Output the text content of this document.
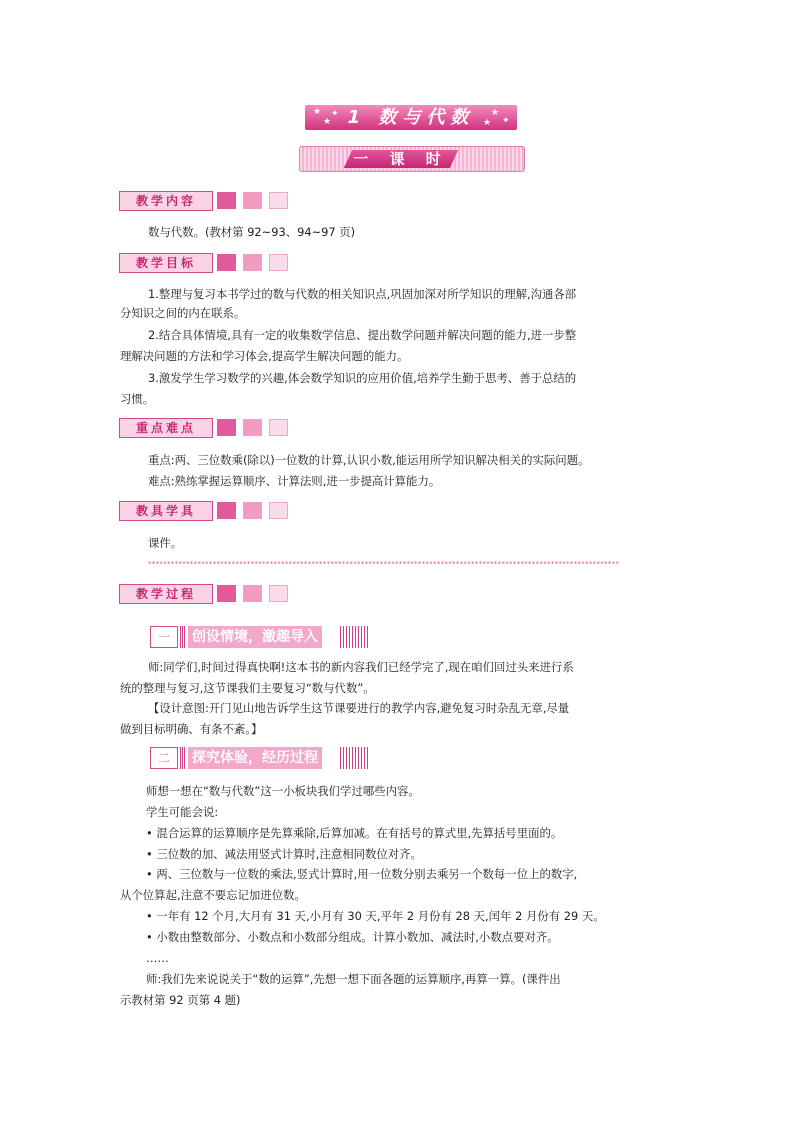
★
★
✦	★
✦
★
1 数与代数
一 课 时
教学内容
数与代数。(教材第 92~93、94~97 页)
教学目标
1.整理与复习本书学过的数与代数的相关知识点,巩固加深对所学知识的理解,沟通各部
分知识之间的内在联系。
2.结合具体情境,具有一定的收集数学信息、提出数学问题并解决问题的能力,进一步整
理解决问题的方法和学习体会,提高学生解决问题的能力。
3.激发学生学习数学的兴趣,体会数学知识的应用价值,培养学生勤于思考、善于总结的
习惯。
重点难点
重点:两、三位数乘(除以)一位数的计算,认识小数,能运用所学知识解决相关的实际问题。
难点:熟练掌握运算顺序、计算法则,进一步提高计算能力。
教具学具
课件。
****************************************************************************************************************************
教学过程
一	创设情境，激趣导入
师:同学们,时间过得真快啊!这本书的新内容我们已经学完了,现在咱们回过头来进行系
统的整理与复习,这节课我们主要复习“数与代数”。
【设计意图:开门见山地告诉学生这节课要进行的教学内容,避免复习时杂乱无章,尽量
做到目标明确、有条不紊。】
二	探究体验，经历过程
师想一想在“数与代数”这一小板块我们学过哪些内容。
学生可能会说:
• 混合运算的运算顺序是先算乘除,后算加减。在有括号的算式里,先算括号里面的。
• 三位数的加、减法用竖式计算时,注意相同数位对齐。
• 两、三位数与一位数的乘法,竖式计算时,用一位数分别去乘另一个数每一位上的数字,
从个位算起,注意不要忘记加进位数。
• 一年有 12 个月,大月有 31 天,小月有 30 天,平年 2 月份有 28 天,闰年 2 月份有 29 天。
• 小数由整数部分、小数点和小数部分组成。计算小数加、减法时,小数点要对齐。
……
师:我们先来说说关于“数的运算”,先想一想下面各题的运算顺序,再算一算。(课件出
示教材第 92 页第 4 题)
